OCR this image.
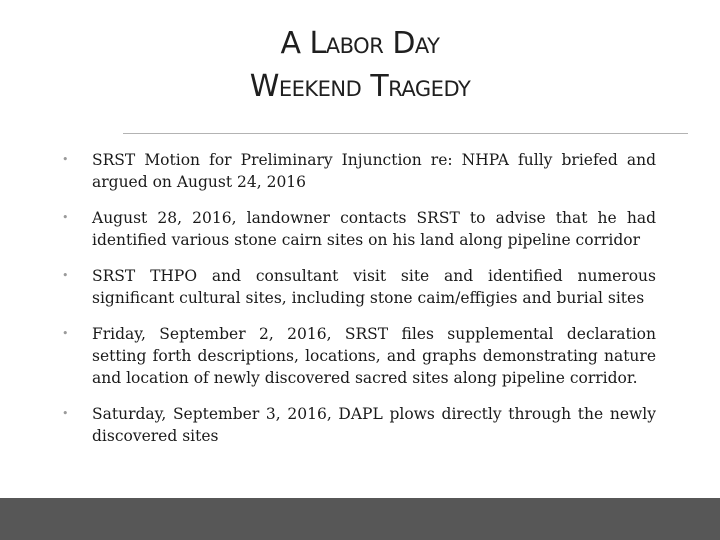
A Labor Day
Weekend Tragedy
• SRST Motion for Preliminary Injunction re: NHPA fully briefed and argued on August 24, 2016
• August 28, 2016, landowner contacts SRST to advise that he had identified various stone cairn sites on his land along pipeline corridor
• SRST THPO and consultant visit site and identified numerous significant cultural sites, including stone caim/effigies and burial sites
• Friday, September 2, 2016, SRST files supplemental declaration setting forth descriptions, locations, and graphs demonstrating nature and location of newly discovered sacred sites along pipeline corridor.
• Saturday, September 3, 2016, DAPL plows directly through the newly discovered sites
